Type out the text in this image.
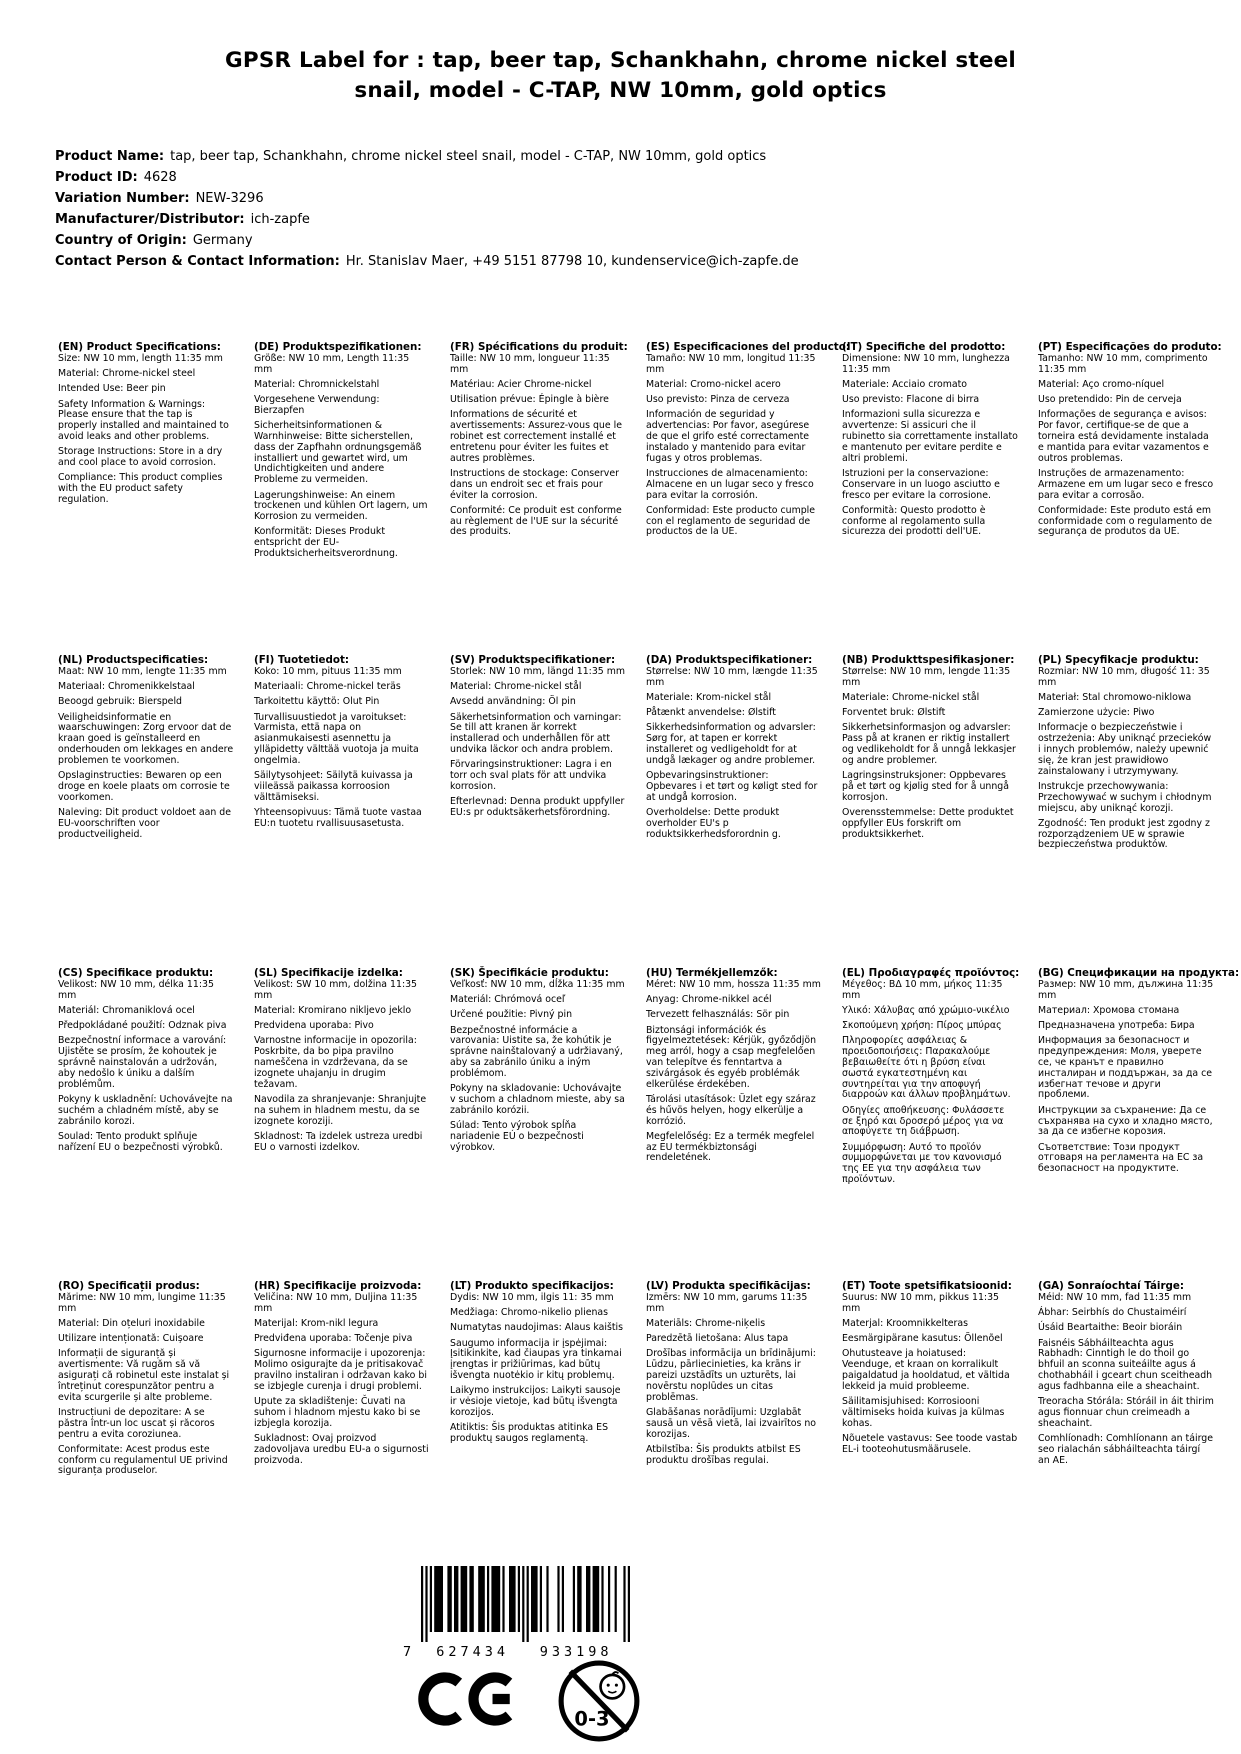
GPSR Label for : tap, beer tap, Schankhahn, chrome nickel steel
snail, model - C-TAP, NW 10mm, gold optics
Product Name: tap, beer tap, Schankhahn, chrome nickel steel snail, model - C-TAP, NW 10mm, gold optics
Product ID: 4628
Variation Number: NEW-3296
Manufacturer/Distributor: ich-zapfe
Country of Origin: Germany
Contact Person & Contact Information: Hr. Stanislav Maer, +49 5151 87798 10, kundenservice@ich-zapfe.de
(EN) Product Specifications:

Size: NW 10 mm, length 11:35 mm

Material: Chrome-nickel steel

Intended Use: Beer pin

Safety Information & Warnings: Please ensure that the tap is properly installed and maintained to avoid leaks and other problems.

Storage Instructions: Store in a dry and cool place to avoid corrosion.

Compliance: This product complies with the EU product safety regulation.

(DE) Produktspezifikationen:

Größe: NW 10 mm, Length 11:35 mm

Material: Chromnickelstahl

Vorgesehene Verwendung: Bierzapfen

Sicherheitsinformationen & Warnhinweise: Bitte sicherstellen, dass der Zapfhahn ordnungsgemäß installiert und gewartet wird, um Undichtigkeiten und andere Probleme zu vermeiden.

Lagerungshinweise: An einem trockenen und kühlen Ort lagern, um Korrosion zu vermeiden.

Konformität: Dieses Produkt entspricht der EU-Produktsicherheitsverordnung.

(FR) Spécifications du produit:

Taille: NW 10 mm, longueur 11:35 mm

Matériau: Acier Chrome-nickel

Utilisation prévue: Épingle à bière

Informations de sécurité et avertissements: Assurez-vous que le robinet est correctement installé et entretenu pour éviter les fuites et autres problèmes.

Instructions de stockage: Conserver dans un endroit sec et frais pour éviter la corrosion.

Conformité: Ce produit est conforme au règlement de l'UE sur la sécurité des produits.

(ES) Especificaciones del producto:

Tamaño: NW 10 mm, longitud 11:35 mm

Material: Cromo-nickel acero

Uso previsto: Pinza de cerveza

Información de seguridad y advertencias: Por favor, asegúrese de que el grifo esté correctamente instalado y mantenido para evitar fugas y otros problemas.

Instrucciones de almacenamiento: Almacene en un lugar seco y fresco para evitar la corrosión.

Conformidad: Este producto cumple con el reglamento de seguridad de productos de la UE.

(IT) Specifiche del prodotto:

Dimensione: NW 10 mm, lunghezza 11:35 mm

Materiale: Acciaio cromato

Uso previsto: Flacone di birra

Informazioni sulla sicurezza e avvertenze: Si assicuri che il rubinetto sia correttamente installato e mantenuto per evitare perdite e altri problemi.

Istruzioni per la conservazione: Conservare in un luogo asciutto e fresco per evitare la corrosione.

Conformità: Questo prodotto è conforme al regolamento sulla sicurezza dei prodotti dell'UE.

(PT) Especificações do produto:

Tamanho: NW 10 mm, comprimento 11:35 mm

Material: Aço cromo-níquel

Uso pretendido: Pin de cerveja

Informações de segurança e avisos: Por favor, certifique-se de que a torneira está devidamente instalada e mantida para evitar vazamentos e outros problemas.

Instruções de armazenamento: Armazene em um lugar seco e fresco para evitar a corrosão.

Conformidade: Este produto está em conformidade com o regulamento de segurança de produtos da UE.

(NL) Productspecificaties:

Maat: NW 10 mm, lengte 11:35 mm

Materiaal: Chromenikkelstaal

Beoogd gebruik: Bierspeld

Veiligheidsinformatie en waarschuwingen: Zorg ervoor dat de kraan goed is geïnstalleerd en onderhouden om lekkages en andere problemen te voorkomen.

Opslaginstructies: Bewaren op een droge en koele plaats om corrosie te voorkomen.

Naleving: Dit product voldoet aan de EU-voorschriften voor productveiligheid.

(FI) Tuotetiedot:

Koko: 10 mm, pituus 11:35 mm

Materiaali: Chrome-nickel teräs

Tarkoitettu käyttö: Olut Pin

Turvallisuustiedot ja varoitukset: Varmista, että napa on asianmukaisesti asennettu ja ylläpidetty välttää vuotoja ja muita ongelmia.

Säilytysohjeet: Säilytä kuivassa ja viileässä paikassa korroosion välttämiseksi.

Yhteensopivuus: Tämä tuote vastaa EU:n tuotetu rvallisuusasetusta.

(SV) Produktspecifikationer:

Storlek: NW 10 mm, längd 11:35 mm

Material: Chrome-nickel stål

Avsedd användning: Öl pin

Säkerhetsinformation och varningar: Se till att kranen är korrekt installerad och underhållen för att undvika läckor och andra problem.

Förvaringsinstruktioner: Lagra i en torr och sval plats för att undvika korrosion.

Efterlevnad: Denna produkt uppfyller EU:s pr oduktsäkerhetsförordning.

(DA) Produktspecifikationer:

Størrelse: NW 10 mm, længde 11:35 mm

Materiale: Krom-nickel stål

Påtænkt anvendelse: Ølstift

Sikkerhedsinformation og advarsler: Sørg for, at tapen er korrekt installeret og vedligeholdt for at undgå lækager og andre problemer.

Opbevaringsinstruktioner: Opbevares i et tørt og køligt sted for at undgå korrosion.

Overholdelse: Dette produkt overholder EU's p roduktsikkerhedsforordnin g.

(NB) Produkttspesifikasjoner:

Størrelse: NW 10 mm, lengde 11:35 mm

Materiale: Chrome-nickel stål

Forventet bruk: Ølstift

Sikkerhetsinformasjon og advarsler: Pass på at kranen er riktig installert og vedlikeholdt for å unngå lekkasjer og andre problemer.

Lagringsinstruksjoner: Oppbevares på et tørt og kjølig sted for å unngå korrosjon.

Overensstemmelse: Dette produktet oppfyller EUs forskrift om produktsikkerhet.

(PL) Specyfikacje produktu:

Rozmiar: NW 10 mm, długość 11: 35 mm

Materiał: Stal chromowo-niklowa

Zamierzone użycie: Piwo

Informacje o bezpieczeństwie i ostrzeżenia: Aby uniknąć przecieków i innych problemów, należy upewnić się, że kran jest prawidłowo zainstalowany i utrzymywany.

Instrukcje przechowywania: Przechowywać w suchym i chłodnym miejscu, aby uniknąć korozji.

Zgodność: Ten produkt jest zgodny z rozporządzeniem UE w sprawie bezpieczeństwa produktów.

(CS) Specifikace produktu:

Velikost: NW 10 mm, délka 11:35 mm

Materiál: Chromaniklová ocel

Předpokládané použití: Odznak piva

Bezpečnostní informace a varování: Ujistěte se prosím, že kohoutek je správně nainstalován a udržován, aby nedošlo k úniku a dalším problémům.

Pokyny k uskladnění: Uchovávejte na suchém a chladném místě, aby se zabránilo korozi.

Soulad: Tento produkt splňuje nařízení EU o bezpečnosti výrobků.

(SL) Specifikacije izdelka:

Velikost: SW 10 mm, dolžina 11:35 mm

Material: Kromirano nikljevo jeklo

Predvidena uporaba: Pivo

Varnostne informacije in opozorila: Poskrbite, da bo pipa pravilno nameščena in vzdrževana, da se izognete uhajanju in drugim težavam.

Navodila za shranjevanje: Shranjujte na suhem in hladnem mestu, da se izognete koroziji.

Skladnost: Ta izdelek ustreza uredbi EU o varnosti izdelkov.

(SK) Špecifikácie produktu:

Veľkosť: NW 10 mm, dĺžka 11:35 mm

Materiál: Chrómová oceľ

Určené použitie: Pivný pin

Bezpečnostné informácie a varovania: Uistite sa, že kohútik je správne nainštalovaný a udržiavaný, aby sa zabránilo úniku a iným problémom.

Pokyny na skladovanie: Uchovávajte v suchom a chladnom mieste, aby sa zabránilo korózii.

Súlad: Tento výrobok spĺňa nariadenie EÚ o bezpečnosti výrobkov.

(HU) Termékjellemzők:

Méret: NW 10 mm, hossza 11:35 mm

Anyag: Chrome-nikkel acél

Tervezett felhasználás: Sör pin

Biztonsági információk és figyelmeztetések: Kérjük, győződjön meg arról, hogy a csap megfelelően van telepítve és fenntartva a szivárgások és egyéb problémák elkerülése érdekében.

Tárolási utasítások: Üzlet egy száraz és hűvös helyen, hogy elkerülje a korrózió.

Megfelelőség: Ez a termék megfelel az EU termékbiztonsági rendeletének.

(EL) Προδιαγραφές προϊόντος:

Μέγεθος: ΒΔ 10 mm, μήκος 11:35 mm

Υλικό: Χάλυβας από χρώμιο-νικέλιο

Σκοπούμενη χρήση: Πίρος μπύρας

Πληροφορίες ασφάλειας & προειδοποιήσεις: Παρακαλούμε βεβαιωθείτε ότι η βρύση είναι σωστά εγκατεστημένη και συντηρείται για την αποφυγή διαρροών και άλλων προβλημάτων.

Οδηγίες αποθήκευσης: Φυλάσσετε σε ξηρό και δροσερό μέρος για να αποφύγετε τη διάβρωση.

Συμμόρφωση: Αυτό το προϊόν συμμορφώνεται με τον κανονισμό της ΕΕ για την ασφάλεια των προϊόντων.

(BG) Спецификации на продукта:

Размер: NW 10 mm, дължина 11:35 mm

Материал: Хромова стомана

Предназначена употреба: Бира

Информация за безопасност и предупреждения: Моля, уверете се, че кранът е правилно инсталиран и поддържан, за да се избегнат течове и други проблеми.

Инструкции за съхранение: Да се съхранява на сухо и хладно място, за да се избегне корозия.

Съответствие: Този продукт отговаря на регламента на ЕС за безопасност на продуктите.

(RO) Specificații produs:

Mărime: NW 10 mm, lungime 11:35 mm

Material: Din oțeluri inoxidabile

Utilizare intenționată: Cuișoare

Informații de siguranță și avertismente: Vă rugăm să vă asigurați că robinetul este instalat și întreținut corespunzător pentru a evita scurgerile și alte probleme.

Instrucțiuni de depozitare: A se păstra într-un loc uscat și răcoros pentru a evita coroziunea.

Conformitate: Acest produs este conform cu regulamentul UE privind siguranța produselor.

(HR) Specifikacije proizvoda:

Veličina: NW 10 mm, Duljina 11:35 mm

Materijal: Krom-nikl legura

Predviđena uporaba: Točenje piva

Sigurnosne informacije i upozorenja: Molimo osigurajte da je pritisakovač pravilno instaliran i održavan kako bi se izbjegle curenja i drugi problemi.

Upute za skladištenje: Čuvati na suhom i hladnom mjestu kako bi se izbjegla korozija.

Sukladnost: Ovaj proizvod zadovoljava uredbu EU-a o sigurnosti proizvoda.

(LT) Produkto specifikacijos:

Dydis: NW 10 mm, ilgis 11: 35 mm

Medžiaga: Chromo-nikelio plienas

Numatytas naudojimas: Alaus kaištis

Saugumo informacija ir įspėjimai: Įsitikinkite, kad čiaupas yra tinkamai įrengtas ir prižiūrimas, kad būtų išvengta nuotėkio ir kitų problemų.

Laikymo instrukcijos: Laikyti sausoje ir vėsioje vietoje, kad būtų išvengta korozijos.

Atitiktis: Šis produktas atitinka ES produktų saugos reglamentą.

(LV) Produkta specifikācijas:

Izmērs: NW 10 mm, garums 11:35 mm

Materiāls: Chrome-niķelis

Paredzētā lietošana: Alus tapa

Drošības informācija un brīdinājumi: Lūdzu, pārliecinieties, ka krāns ir pareizi uzstādīts un uzturēts, lai novērstu noplūdes un citas problēmas.

Glabāšanas norādījumi: Uzglabāt sausā un vēsā vietā, lai izvairītos no korozijas.

Atbilstība: Šis produkts atbilst ES produktu drošības regulai.

(ET) Toote spetsifikatsioonid:

Suurus: NW 10 mm, pikkus 11:35 mm

Materjal: Kroomnikkelteras

Eesmärgipärane kasutus: Õllenõel

Ohutusteave ja hoiatused: Veenduge, et kraan on korralikult paigaldatud ja hooldatud, et vältida lekkeid ja muid probleeme.

Säilitamisjuhised: Korrosiooni vältimiseks hoida kuivas ja külmas kohas.

Nõuetele vastavus: See toode vastab EL-i tooteohutusmäärusele.

(GA) Sonraíochtaí Táirge:

Méid: NW 10 mm, fad 11:35 mm

Ábhar: Seirbhís do Chustaiméirí

Úsáid Beartaithe: Beoir bioráin

Faisnéis Sábháilteachta agus Rabhadh: Cinntigh le do thoil go bhfuil an sconna suiteáilte agus á chothabháil i gceart chun sceitheadh agus fadhbanna eile a sheachaint.

Treoracha Stórála: Stóráil in áit thirim agus fionnuar chun creimeadh a sheachaint.

Comhlíonadh: Comhlíonann an táirge seo rialachán sábháilteachta táirgí an AE.

7 627434 933198
0-3
